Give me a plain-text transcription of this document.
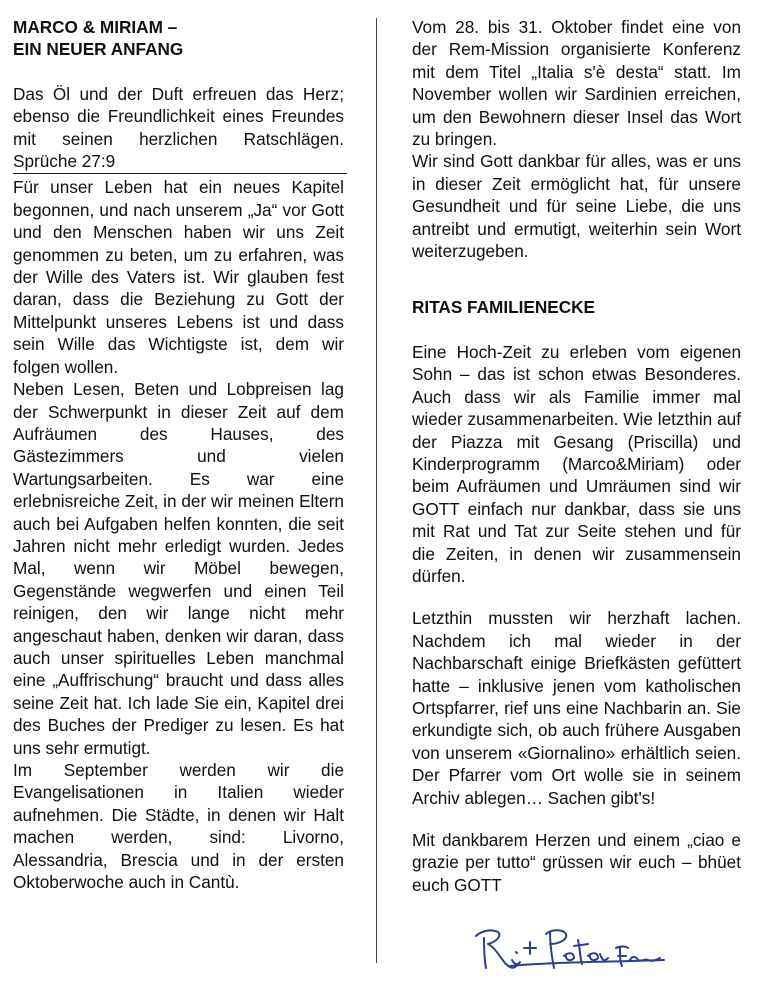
MARCO & MIRIAM –
EIN NEUER ANFANG

Das Öl und der Duft erfreuen das Herz; ebenso die Freundlichkeit eines Freundes mit seinen herzlichen Ratschlägen. Sprüche 27:9

Für unser Leben hat ein neues Kapitel begonnen, und nach unserem „Ja“ vor Gott und den Menschen haben wir uns Zeit genommen zu beten, um zu erfahren, was der Wille des Vaters ist. Wir glauben fest daran, dass die Beziehung zu Gott der Mittelpunkt unseres Lebens ist und dass sein Wille das Wichtigste ist, dem wir folgen wollen.

Neben Lesen, Beten und Lobpreisen lag der Schwerpunkt in dieser Zeit auf dem Aufräumen des Hauses, des Gästezimmers und vielen Wartungsarbeiten. Es war eine erlebnisreiche Zeit, in der wir meinen Eltern auch bei Aufgaben helfen konnten, die seit Jahren nicht mehr erledigt wurden. Jedes Mal, wenn wir Möbel bewegen, Gegenstände wegwerfen und einen Teil reinigen, den wir lange nicht mehr angeschaut haben, denken wir daran, dass auch unser spirituelles Leben manchmal eine „Auffrischung“ braucht und dass alles seine Zeit hat. Ich lade Sie ein, Kapitel drei des Buches der Prediger zu lesen. Es hat uns sehr ermutigt.

Im September werden wir die Evangelisationen in Italien wieder aufnehmen. Die Städte, in denen wir Halt machen werden, sind: Livorno, Alessandria, Brescia und in der ersten Oktoberwoche auch in Cantù.

Vom 28. bis 31. Oktober findet eine von der Rem-Mission organisierte Konferenz mit dem Titel „Italia s'è desta“ statt. Im November wollen wir Sardinien erreichen, um den Bewohnern dieser Insel das Wort zu bringen.

Wir sind Gott dankbar für alles, was er uns in dieser Zeit ermöglicht hat, für unsere Gesundheit und für seine Liebe, die uns antreibt und ermutigt, weiterhin sein Wort weiterzugeben.

RITAS FAMILIENECKE

Eine Hoch-Zeit zu erleben vom eigenen Sohn – das ist schon etwas Besonderes. Auch dass wir als Familie immer mal wieder zusammenarbeiten. Wie letzthin auf der Piazza mit Gesang (Priscilla) und Kinderprogramm (Marco&Miriam) oder beim Aufräumen und Umräumen sind wir GOTT einfach nur dankbar, dass sie uns mit Rat und Tat zur Seite stehen und für die Zeiten, in denen wir zusammensein dürfen.

Letzthin mussten wir herzhaft lachen. Nachdem ich mal wieder in der Nachbarschaft einige Briefkästen gefüttert hatte – inklusive jenen vom katholischen Ortspfarrer, rief uns eine Nachbarin an. Sie erkundigte sich, ob auch frühere Ausgaben von unserem «Giornalino» erhältlich seien. Der Pfarrer vom Ort wolle sie in seinem Archiv ablegen… Sachen gibt's!

Mit dankbarem Herzen und einem „ciao e grazie per tutto“ grüssen wir euch – bhüet euch GOTT
